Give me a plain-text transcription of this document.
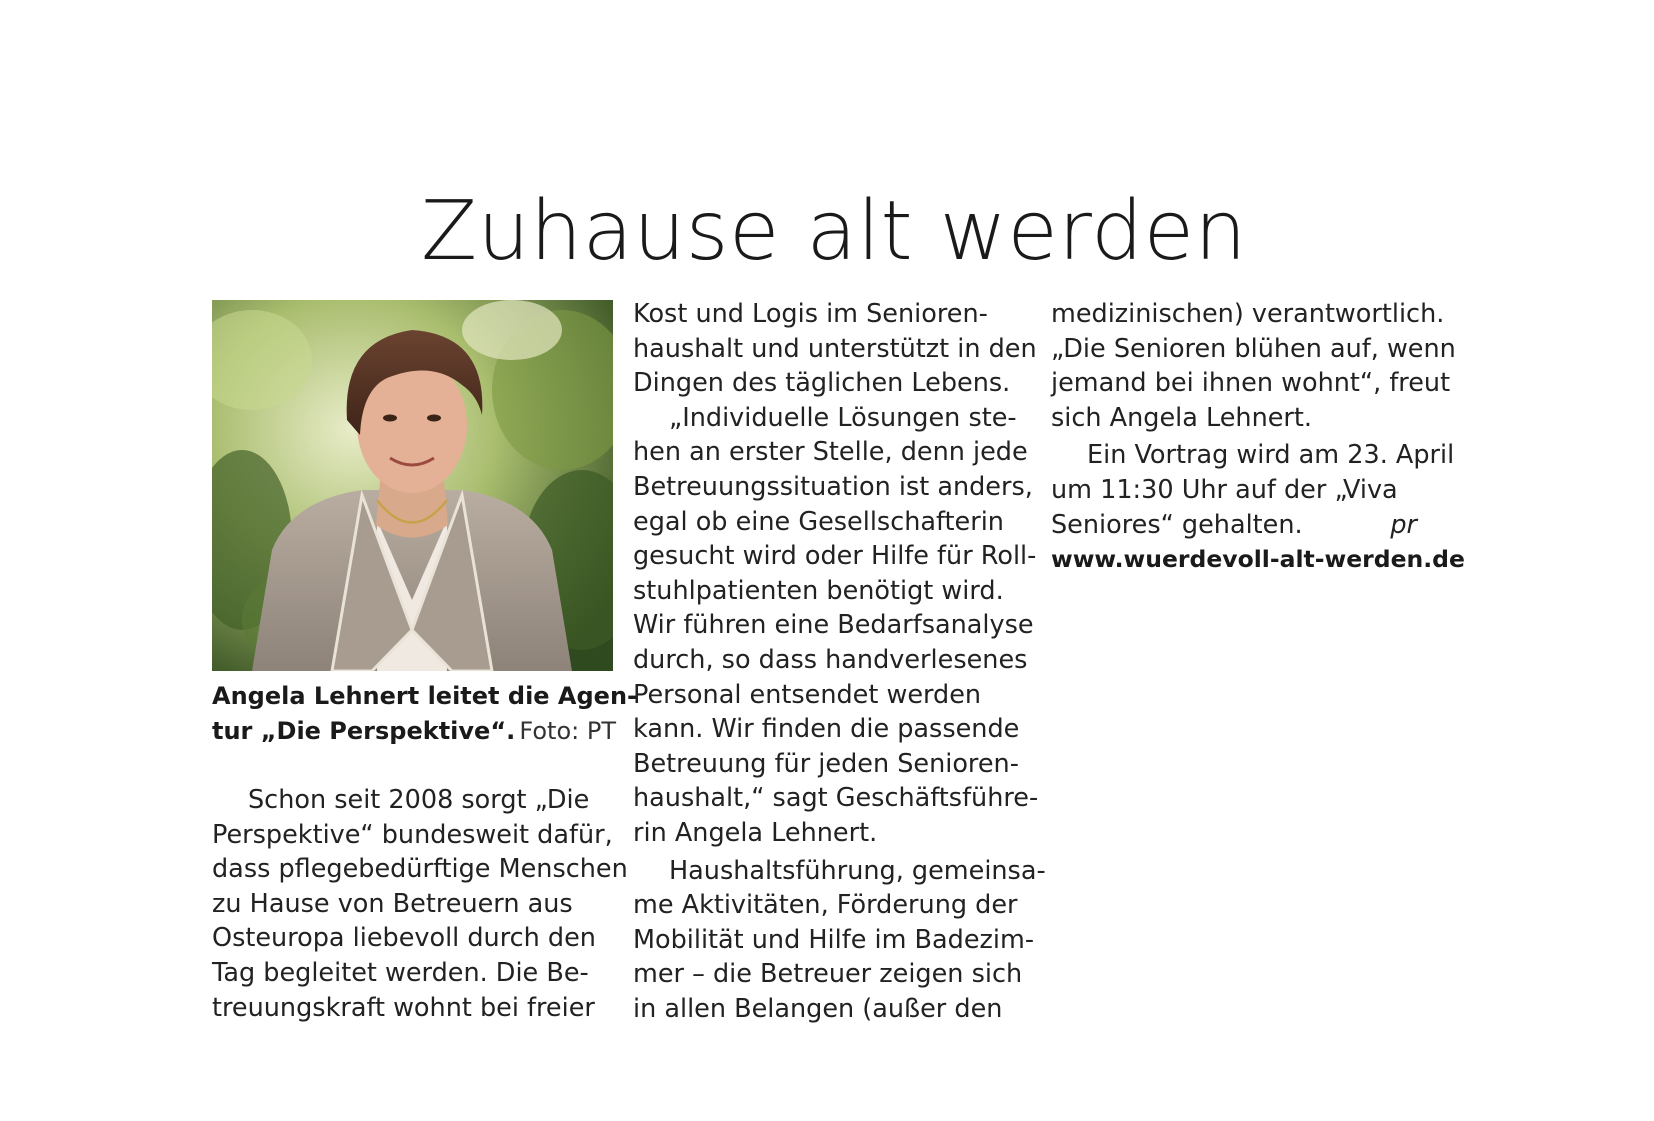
Zuhause alt werden
Angela Lehnert leitet die Agen-
tur „Die Perspektive“. Foto: PT
Schon seit 2008 sorgt „Die
Perspektive“ bundesweit dafür,
dass pflegebedürftige Menschen
zu Hause von Betreuern aus
Osteuropa liebevoll durch den
Tag begleitet werden. Die Be-
treuungskraft wohnt bei freier
Kost und Logis im Senioren-
haushalt und unterstützt in den
Dingen des täglichen Lebens.
„Individuelle Lösungen ste-
hen an erster Stelle, denn jede
Betreuungssituation ist anders,
egal ob eine Gesellschafterin
gesucht wird oder Hilfe für Roll-
stuhlpatienten benötigt wird.
Wir führen eine Bedarfsanalyse
durch, so dass handverlesenes
Personal entsendet werden
kann. Wir finden die passende
Betreuung für jeden Senioren-
haushalt,“ sagt Geschäftsführe-
rin Angela Lehnert.
Haushaltsführung, gemeinsa-
me Aktivitäten, Förderung der
Mobilität und Hilfe im Badezim-
mer – die Betreuer zeigen sich
in allen Belangen (außer den
medizinischen) verantwortlich.
„Die Senioren blühen auf, wenn
jemand bei ihnen wohnt“, freut
sich Angela Lehnert.
Ein Vortrag wird am 23. April
um 11:30 Uhr auf der „Viva
Seniores“ gehalten.	pr
www.wuerdevoll-alt-werden.de
